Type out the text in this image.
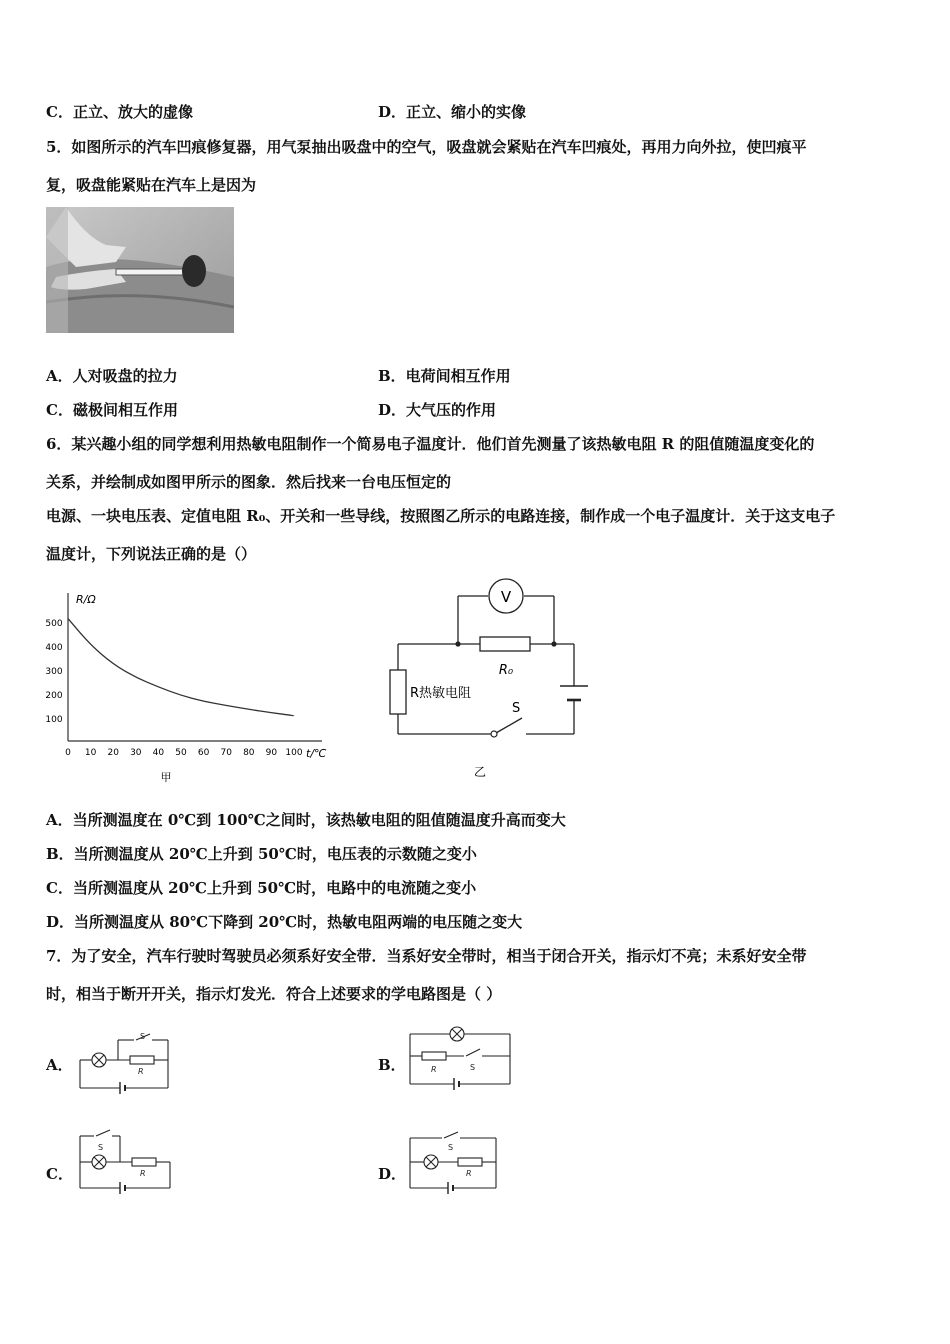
C．正立、放大的虚像	D．正立、缩小的实像
5．如图所示的汽车凹痕修复器，用气泵抽出吸盘中的空气，吸盘就会紧贴在汽车凹痕处，再用力向外拉，使凹痕平
复，吸盘能紧贴在汽车上是因为
A．人对吸盘的拉力	B．电荷间相互作用
C．磁极间相互作用	D．大气压的作用
6．某兴趣小组的同学想利用热敏电阻制作一个简易电子温度计．他们首先测量了该热敏电阻 R 的阻值随温度变化的
关系，并绘制成如图甲所示的图象．然后找来一台电压恒定的
电源、一块电压表、定值电阻 R₀、开关和一些导线，按照图乙所示的电路连接，制作成一个电子温度计．关于这支电子
温度计，下列说法正确的是（）
R/Ω
t/℃
500
400
300
200
100
0 10 20 30 40 50 60 70 80 90 100
甲
V
R₀
R热敏电阻
S
乙
A．当所测温度在 0℃到 100℃之间时，该热敏电阻的阻值随温度升高而变大
B．当所测温度从 20℃上升到 50℃时，电压表的示数随之变小
C．当所测温度从 20℃上升到 50℃时，电路中的电流随之变小
D．当所测温度从 80℃下降到 20℃时，热敏电阻两端的电压随之变大
7．为了安全，汽车行驶时驾驶员必须系好安全带．当系好安全带时，相当于闭合开关，指示灯不亮；未系好安全带
时，相当于断开开关，指示灯发光．符合上述要求的学电路图是（ ）
A．
S
R	B．	R	S
C．
S
R	D．
S
R
